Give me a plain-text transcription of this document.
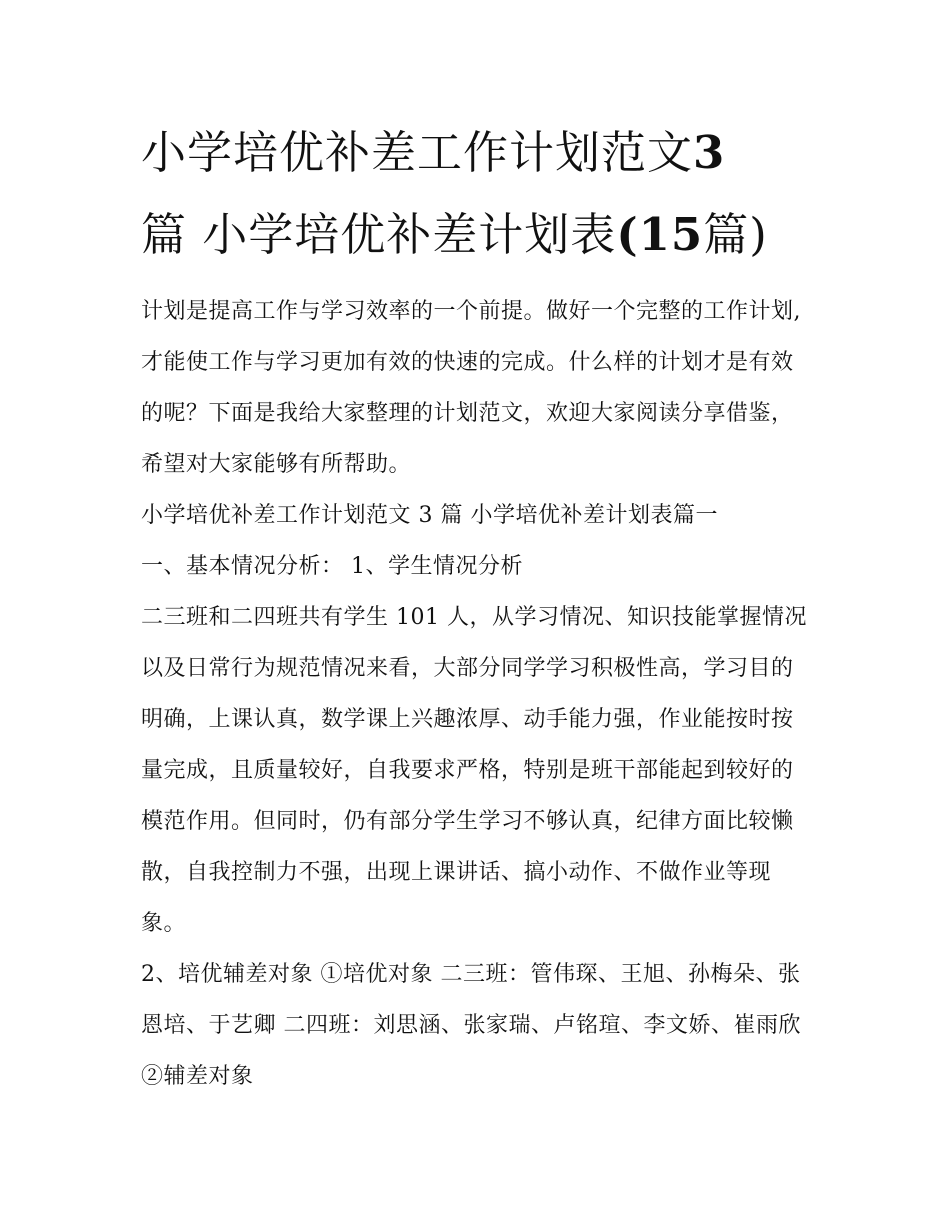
小学培优补差工作计划范文3
篇 小学培优补差计划表(15篇)

计划是提高工作与学习效率的一个前提。做好一个完整的工作计划,才能使工作与学习更加有效的快速的完成。什么样的计划才是有效的呢？下面是我给大家整理的计划范文，欢迎大家阅读分享借鉴，希望对大家能够有所帮助。

小学培优补差工作计划范文 3 篇 小学培优补差计划表篇一

一、基本情况分析： 1、学生情况分析

二三班和二四班共有学生 101 人，从学习情况、知识技能掌握情况以及日常行为规范情况来看，大部分同学学习积极性高，学习目的明确，上课认真，数学课上兴趣浓厚、动手能力强，作业能按时按量完成，且质量较好，自我要求严格，特别是班干部能起到较好的模范作用。但同时，仍有部分学生学习不够认真，纪律方面比较懒散，自我控制力不强，出现上课讲话、搞小动作、不做作业等现象。

2、培优辅差对象 ①培优对象 二三班：管伟琛、王旭、孙梅朵、张恩培、于艺卿 二四班：刘思涵、张家瑞、卢铭瑄、李文娇、崔雨欣 ②辅差对象
